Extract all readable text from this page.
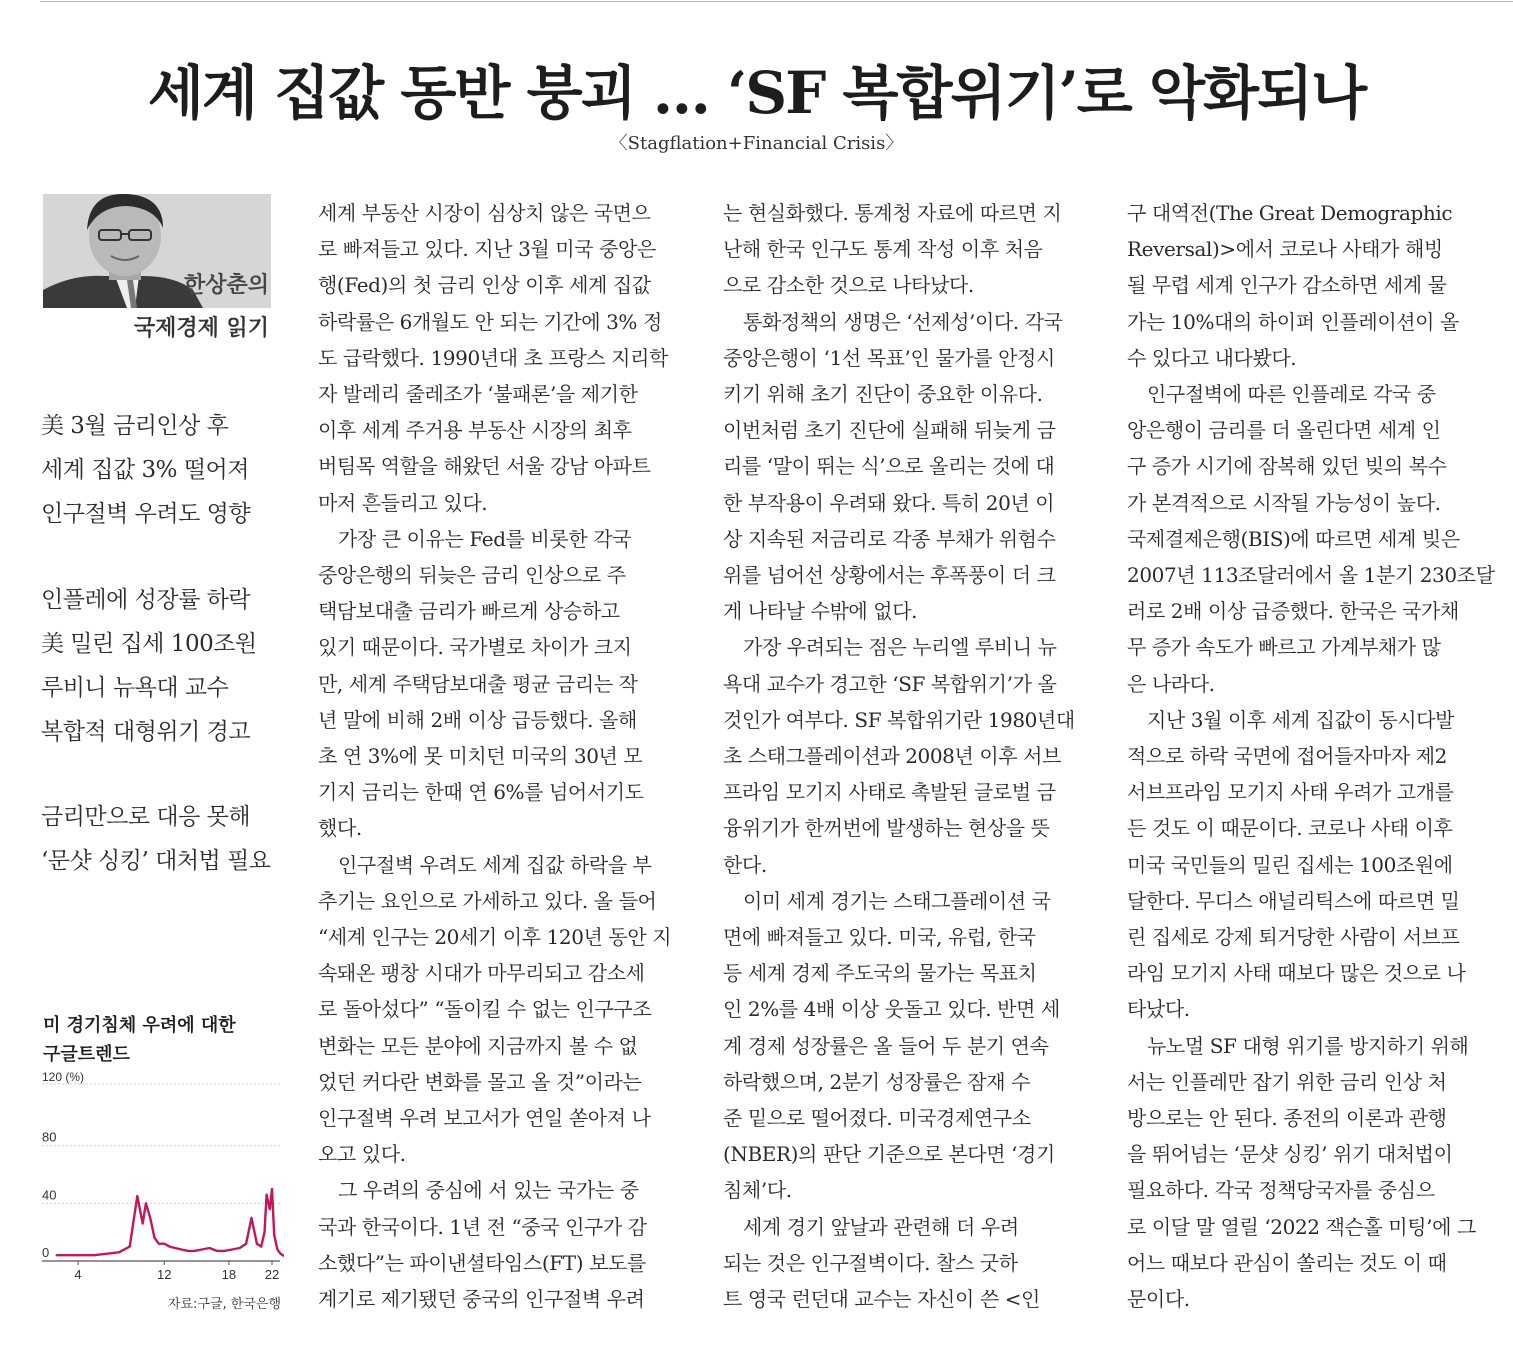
세계 집값 동반 붕괴 … ‘SF 복합위기’로 악화되나
〈Stagflation+Financial Crisis〉
한상춘의
국제경제 읽기
美 3월 금리인상 후
세계 집값 3% 떨어져
인구절벽 우려도 영향
인플레에 성장률 하락
美 밀린 집세 100조원
루비니 뉴욕대 교수
복합적 대형위기 경고
금리만으로 대응 못해
‘문샷 싱킹’ 대처법 필요
미 경기침체 우려에 대한
구글트렌드
120 (%)
80
40
0
4	12	18 22
자료:구글, 한국은행
세계 부동산 시장이 심상치 않은 국면으
로 빠져들고 있다. 지난 3월 미국 중앙은
행(Fed)의 첫 금리 인상 이후 세계 집값
하락률은 6개월도 안 되는 기간에 3% 정
도 급락했다. 1990년대 초 프랑스 지리학
자 발레리 줄레조가 ‘불패론’을 제기한
이후 세계 주거용 부동산 시장의 최후
버팀목 역할을 해왔던 서울 강남 아파트
마저 흔들리고 있다.
가장 큰 이유는 Fed를 비롯한 각국
중앙은행의 뒤늦은 금리 인상으로 주
택담보대출 금리가 빠르게 상승하고
있기 때문이다. 국가별로 차이가 크지
만, 세계 주택담보대출 평균 금리는 작
년 말에 비해 2배 이상 급등했다. 올해
초 연 3%에 못 미치던 미국의 30년 모
기지 금리는 한때 연 6%를 넘어서기도
했다.
인구절벽 우려도 세계 집값 하락을 부
추기는 요인으로 가세하고 있다. 올 들어
“세계 인구는 20세기 이후 120년 동안 지
속돼온 팽창 시대가 마무리되고 감소세
로 돌아섰다” “돌이킬 수 없는 인구구조
변화는 모든 분야에 지금까지 볼 수 없
었던 커다란 변화를 몰고 올 것”이라는
인구절벽 우려 보고서가 연일 쏟아져 나
오고 있다.
그 우려의 중심에 서 있는 국가는 중
국과 한국이다. 1년 전 “중국 인구가 감
소했다”는 파이낸셜타임스(FT) 보도를
계기로 제기됐던 중국의 인구절벽 우려
는 현실화했다. 통계청 자료에 따르면 지
난해 한국 인구도 통계 작성 이후 처음
으로 감소한 것으로 나타났다.
통화정책의 생명은 ‘선제성’이다. 각국
중앙은행이 ‘1선 목표’인 물가를 안정시
키기 위해 초기 진단이 중요한 이유다.
이번처럼 초기 진단에 실패해 뒤늦게 금
리를 ‘말이 뛰는 식’으로 올리는 것에 대
한 부작용이 우려돼 왔다. 특히 20년 이
상 지속된 저금리로 각종 부채가 위험수
위를 넘어선 상황에서는 후폭풍이 더 크
게 나타날 수밖에 없다.
가장 우려되는 점은 누리엘 루비니 뉴
욕대 교수가 경고한 ‘SF 복합위기’가 올
것인가 여부다. SF 복합위기란 1980년대
초 스태그플레이션과 2008년 이후 서브
프라임 모기지 사태로 촉발된 글로벌 금
융위기가 한꺼번에 발생하는 현상을 뜻
한다.
이미 세계 경기는 스태그플레이션 국
면에 빠져들고 있다. 미국, 유럽, 한국
등 세계 경제 주도국의 물가는 목표치
인 2%를 4배 이상 웃돌고 있다. 반면 세
계 경제 성장률은 올 들어 두 분기 연속
하락했으며, 2분기 성장률은 잠재 수
준 밑으로 떨어졌다. 미국경제연구소
(NBER)의 판단 기준으로 본다면 ‘경기
침체’다.
세계 경기 앞날과 관련해 더 우려
되는 것은 인구절벽이다. 찰스 굿하
트 영국 런던대 교수는 자신이 쓴 <인
구 대역전(The Great Demographic
Reversal)>에서 코로나 사태가 해빙
될 무렵 세계 인구가 감소하면 세계 물
가는 10%대의 하이퍼 인플레이션이 올
수 있다고 내다봤다.
인구절벽에 따른 인플레로 각국 중
앙은행이 금리를 더 올린다면 세계 인
구 증가 시기에 잠복해 있던 빚의 복수
가 본격적으로 시작될 가능성이 높다.
국제결제은행(BIS)에 따르면 세계 빚은
2007년 113조달러에서 올 1분기 230조달
러로 2배 이상 급증했다. 한국은 국가채
무 증가 속도가 빠르고 가계부채가 많
은 나라다.
지난 3월 이후 세계 집값이 동시다발
적으로 하락 국면에 접어들자마자 제2
서브프라임 모기지 사태 우려가 고개를
든 것도 이 때문이다. 코로나 사태 이후
미국 국민들의 밀린 집세는 100조원에
달한다. 무디스 애널리틱스에 따르면 밀
린 집세로 강제 퇴거당한 사람이 서브프
라임 모기지 사태 때보다 많은 것으로 나
타났다.
뉴노멀 SF 대형 위기를 방지하기 위해
서는 인플레만 잡기 위한 금리 인상 처
방으로는 안 된다. 종전의 이론과 관행
을 뛰어넘는 ‘문샷 싱킹’ 위기 대처법이
필요하다. 각국 정책당국자를 중심으
로 이달 말 열릴 ‘2022 잭슨홀 미팅’에 그
어느 때보다 관심이 쏠리는 것도 이 때
문이다.
